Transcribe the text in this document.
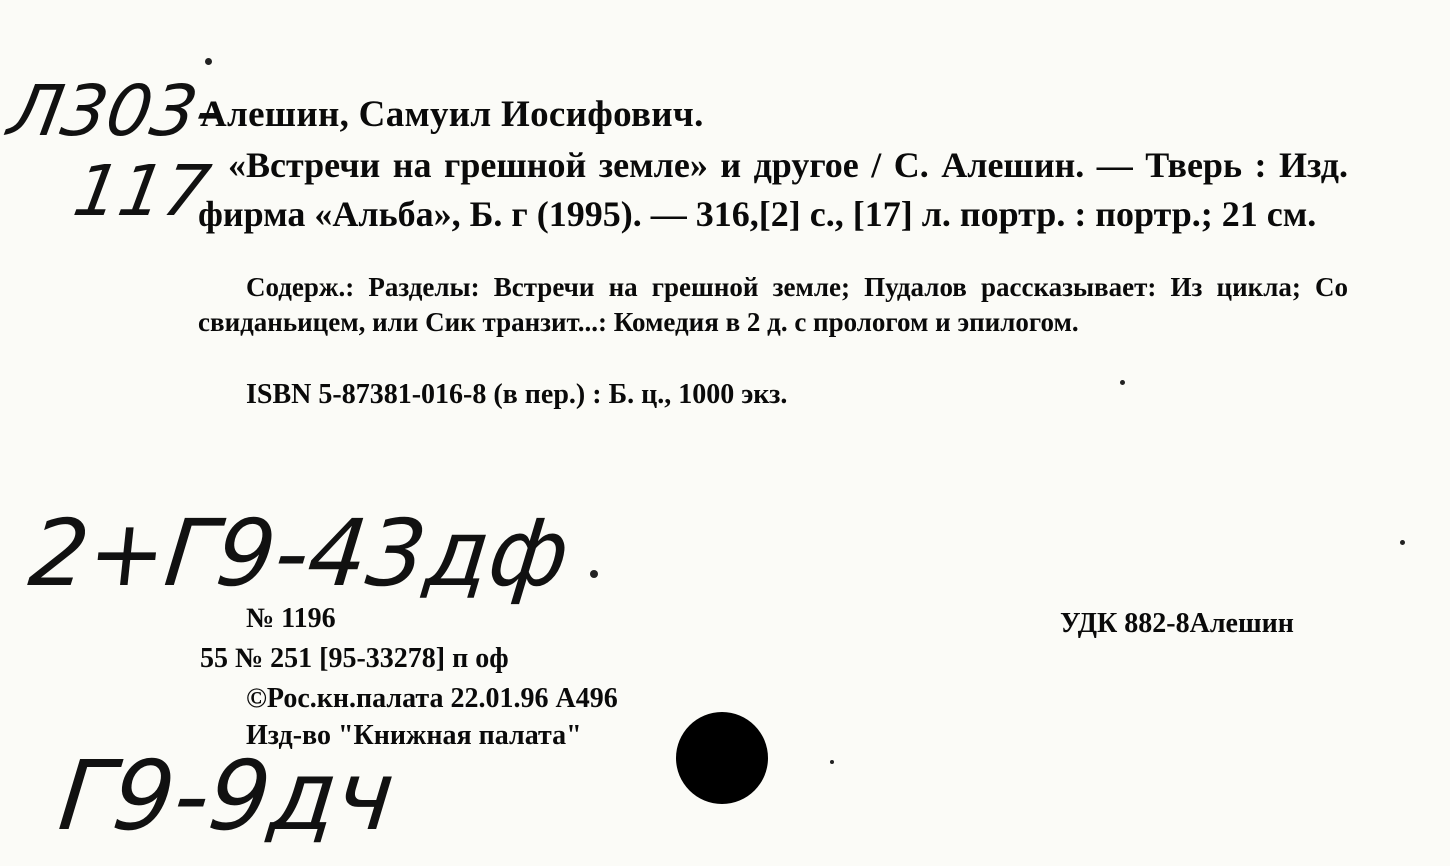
Л303-
117
Алешин, Самуил Иосифович.
«Встречи на грешной земле» и другое / С. Алешин. — Тверь : Изд. фирма «Альба», Б. г (1995). — 316,[2] с., [17] л. портр. : портр.; 21 см.
Содерж.: Разделы: Встречи на грешной земле; Пудалов рассказывает: Из цикла; Со свиданьицем, или Сик транзит...: Комедия в 2 д. с прологом и эпилогом.
ISBN 5-87381-016-8 (в пер.) : Б. ц., 1000 экз.
2+Г9-43дф
№ 1196
55 № 251 [95-33278] п оф
©Рос.кн.палата 22.01.96 А496
Изд-во "Книжная палата"
УДК 882-8Алешин
Г9-9дч
